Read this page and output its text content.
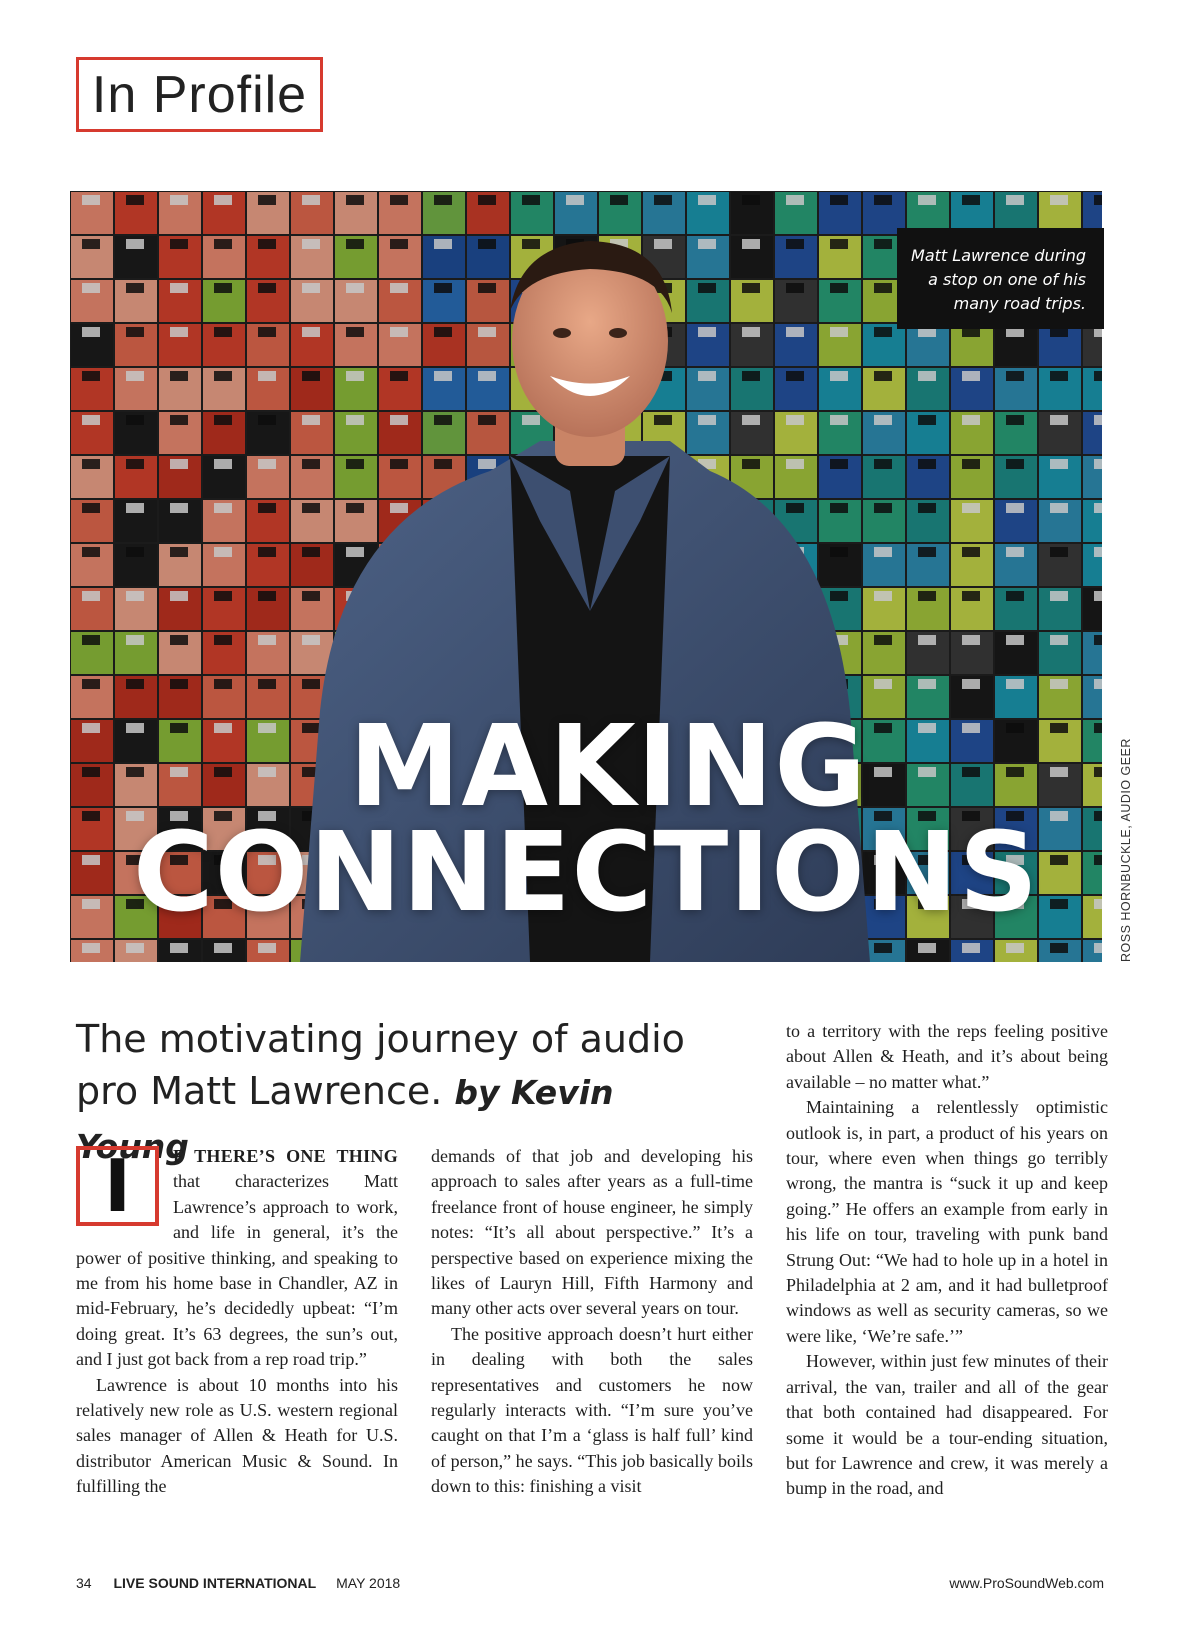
In Profile
MAKING
CONNECTIONS
Matt Lawrence during a stop on one of his many road trips.
ROSS HORNBUCKLE, AUDIO GEER
The motivating journey of audio pro Matt Lawrence. by Kevin Young
I	F THERE’S ONE THING that characterizes Matt Lawrence’s approach to work, and life in general, it’s the power of positive thinking, and speaking to me from his home base in Chandler, AZ in mid-February, he’s decidedly upbeat: “I’m doing great. It’s 63 degrees, the sun’s out, and I just got back from a rep road trip.”

Lawrence is about 10 months into his relatively new role as U.S. western regional sales manager of Allen & Heath for U.S. distributor American Music & Sound. In fulfilling the

demands of that job and developing his approach to sales after years as a full-time freelance front of house engineer, he simply notes: “It’s all about perspective.” It’s a perspective based on experience mixing the likes of Lauryn Hill, Fifth Harmony and many other acts over several years on tour.

The positive approach doesn’t hurt either in dealing with both the sales representatives and customers he now regularly interacts with. “I’m sure you’ve caught on that I’m a ‘glass is half full’ kind of person,” he says. “This job basically boils down to this: finishing a visit

to a territory with the reps feeling positive about Allen & Heath, and it’s about being available – no matter what.”

Maintaining a relentlessly optimistic outlook is, in part, a product of his years on tour, where even when things go terribly wrong, the mantra is “suck it up and keep going.” He offers an example from early in his life on tour, traveling with punk band Strung Out: “We had to hole up in a hotel in Philadelphia at 2 am, and it had bulletproof windows as well as security cameras, so we were like, ‘We’re safe.’”

However, within just few minutes of their arrival, the van, trailer and all of the gear that both contained had disappeared. For some it would be a tour-ending situation, but for Lawrence and crew, it was merely a bump in the road, and

34 LIVE SOUND INTERNATIONAL MAY 2018	www.ProSoundWeb.com
